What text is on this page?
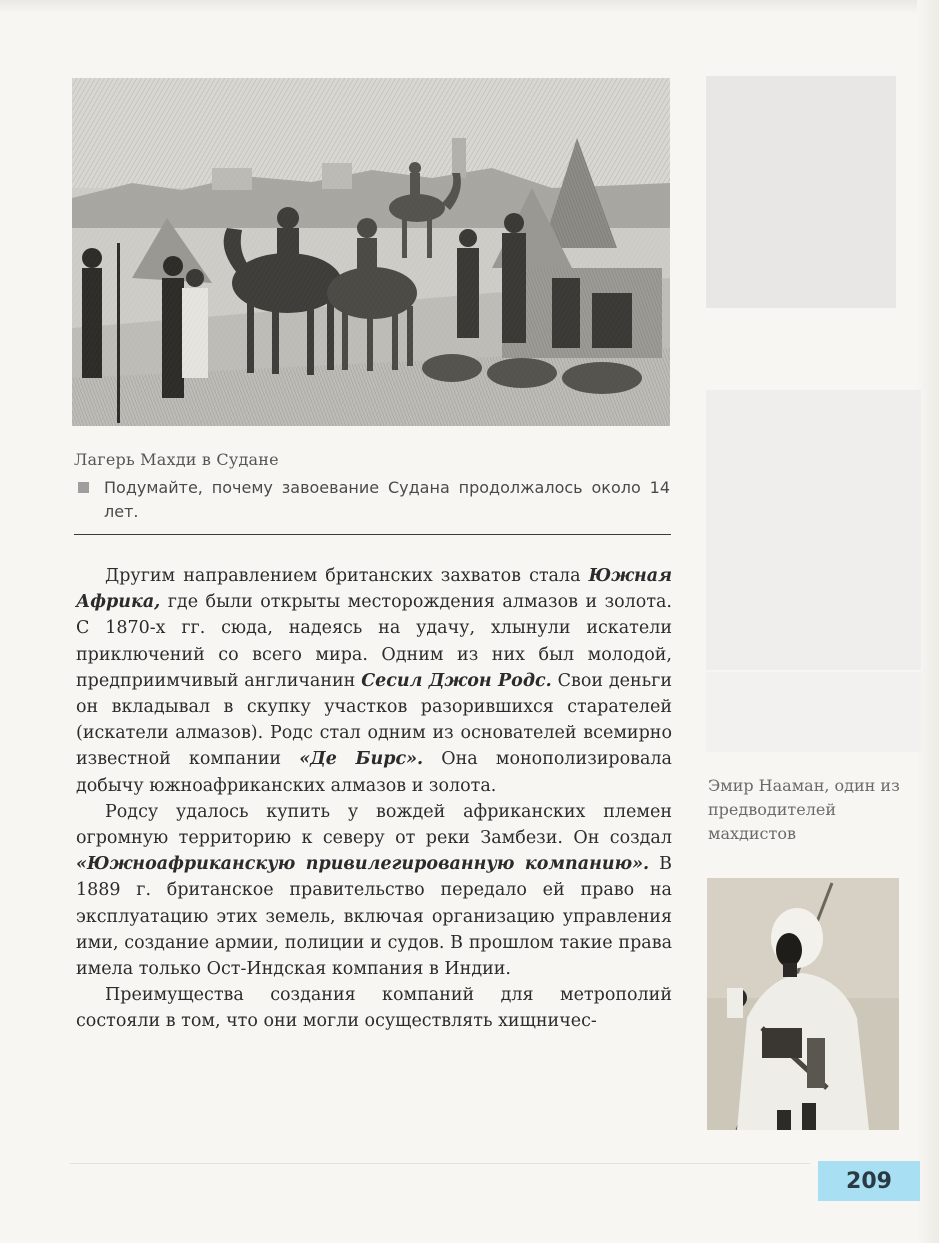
Лагерь Махди в Судане
Подумайте, почему завоевание Судана продолжалось около 14 лет.

Другим направлением британских захватов стала Южная Африка, где были открыты месторождения алмазов и золота. С 1870-х гг. сюда, надеясь на удачу, хлынули искатели приключений со всего мира. Одним из них был молодой, предприимчивый англичанин Сесил Джон Родс. Свои деньги он вкладывал в скупку участков разорившихся старателей (искатели алмазов). Родс стал одним из основателей всемирно известной компании «Де Бирс». Она монополизировала добычу южноафриканских алмазов и золота.

Родсу удалось купить у вождей африканских племен огромную территорию к северу от реки Замбези. Он создал «Южноафриканскую привилегированную компанию». В 1889 г. британское правительство передало ей право на эксплуатацию этих земель, включая организацию управления ими, создание армии, полиции и судов. В прошлом такие права имела только Ост-Индская компания в Индии.

Преимущества создания компаний для метрополий состояли в том, что они могли осуществлять хищничес-

Эмир Нааман, один из предводителей махдистов
209
